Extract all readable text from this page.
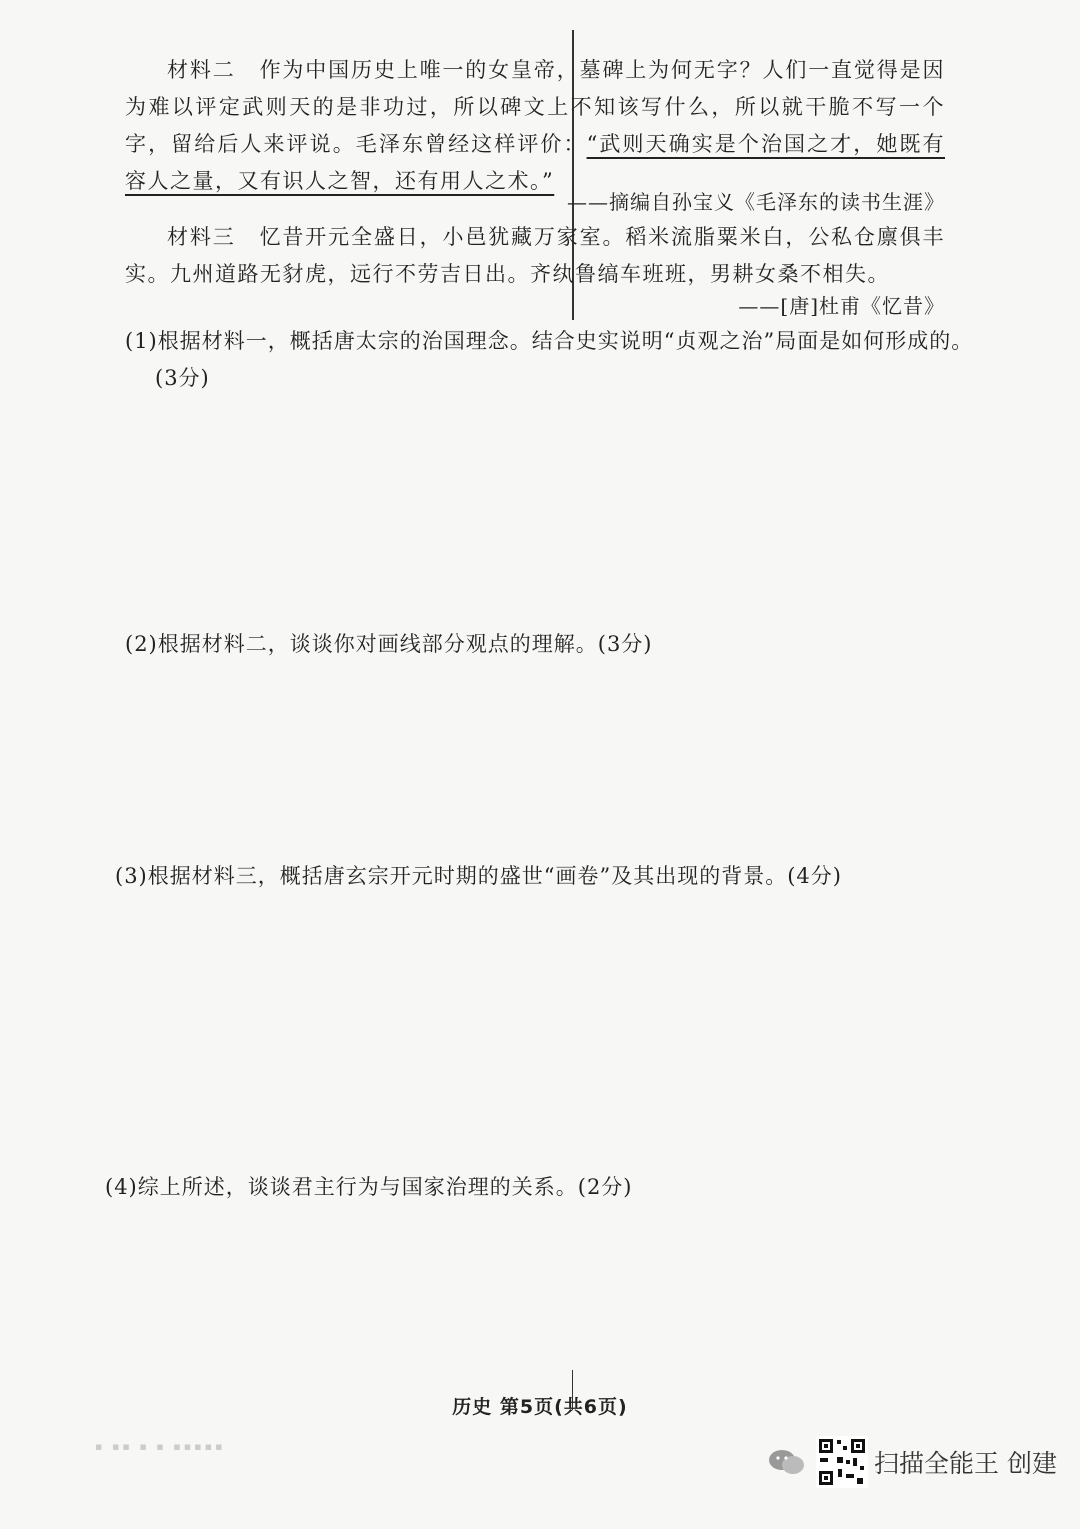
材料二 作为中国历史上唯一的女皇帝，墓碑上为何无字？人们一直觉得是因为难以评定武则天的是非功过，所以碑文上不知该写什么，所以就干脆不写一个字，留给后人来评说。毛泽东曾经这样评价：“武则天确实是个治国之才，她既有容人之量，又有识人之智，还有用人之术。”

——摘编自孙宝义《毛泽东的读书生涯》

材料三 忆昔开元全盛日，小邑犹藏万家室。稻米流脂粟米白，公私仓廪俱丰实。九州道路无豺虎，远行不劳吉日出。齐纨鲁缟车班班，男耕女桑不相失。

——[唐]杜甫《忆昔》

(1)根据材料一，概括唐太宗的治国理念。结合史实说明“贞观之治”局面是如何形成的。

(3分)

(2)根据材料二，谈谈你对画线部分观点的理解。(3分)

(3)根据材料三，概括唐玄宗开元时期的盛世“画卷”及其出现的背景。(4分)

(4)综上所述，谈谈君主行为与国家治理的关系。(2分)

历史 第5页(共6页)
▪ ▪▪ ▪ ▪ ▪▪▪▪▪
扫描全能王 创建
